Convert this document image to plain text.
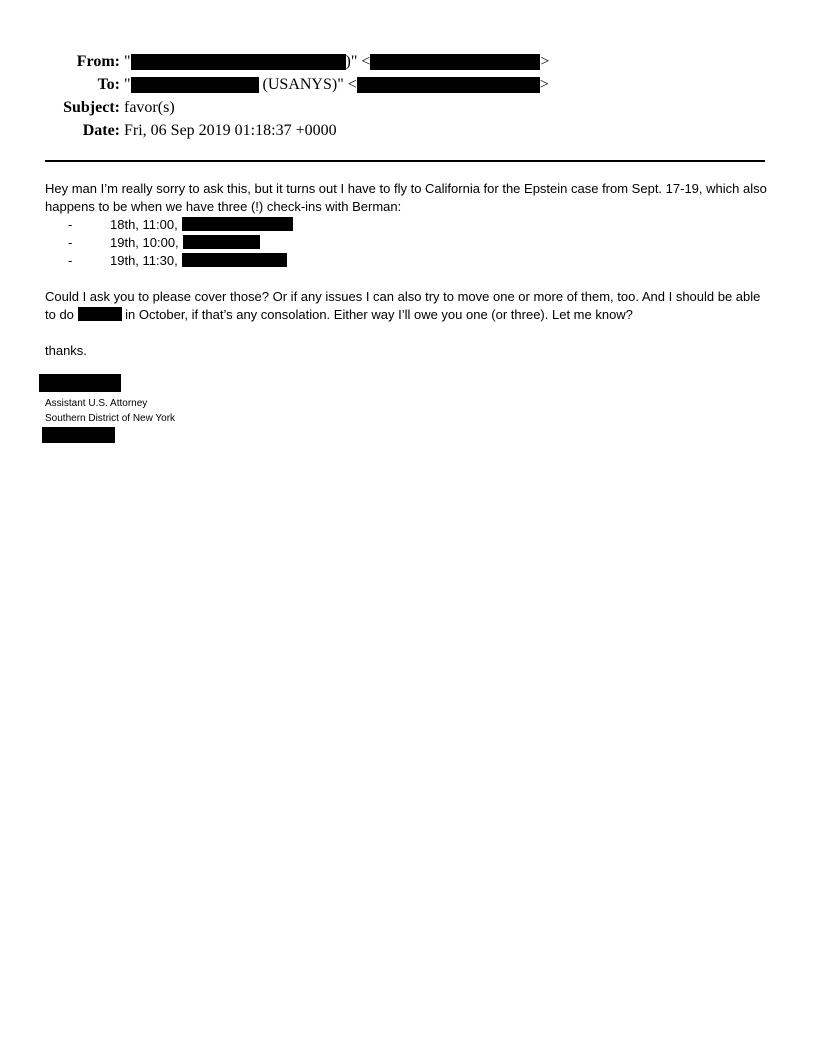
From: "	)" <	>
To: "	(USANYS)" <	>
Subject: favor(s)
Date: Fri, 06 Sep 2019 01:18:37 +0000

Hey man I’m really sorry to ask this, but it turns out I have to fly to California for the Epstein case from Sept. 17-19, which also happens to be when we have three (!) check-ins with Berman:

-	18th, 11:00,
-	19th, 10:00,
-	19th, 11:30,

Could I ask you to please cover those? Or if any issues I can also try to move one or more of them, too. And I should be able to do	in October, if that’s any consolation. Either way I’ll owe you one (or three). Let me know?

thanks.

Assistant U.S. Attorney
Southern District of New York
